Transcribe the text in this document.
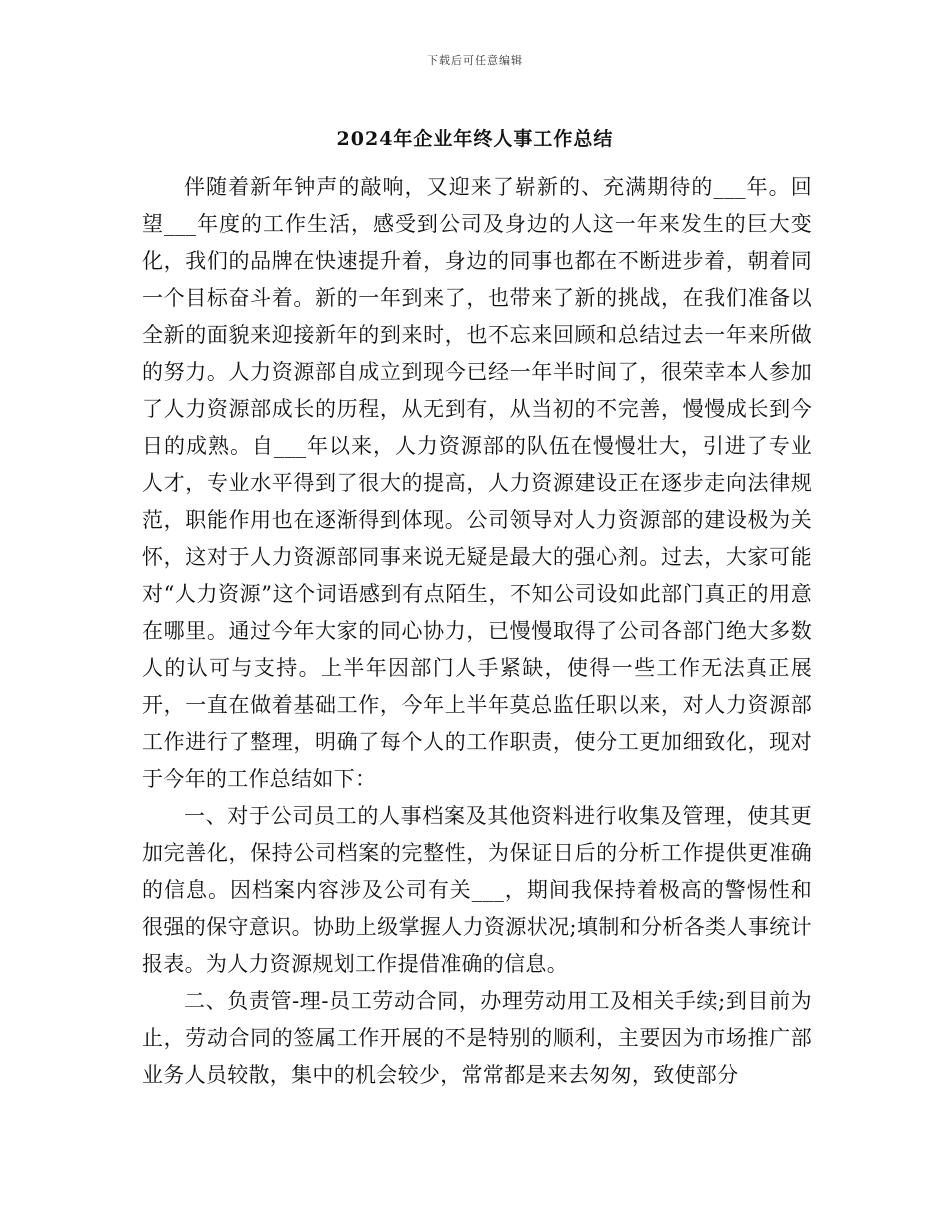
下载后可任意编辑
2024年企业年终人事工作总结

伴随着新年钟声的敲响，又迎来了崭新的、充满期待的___年。回望___年度的工作生活，感受到公司及身边的人这一年来发生的巨大变化，我们的品牌在快速提升着，身边的同事也都在不断进步着，朝着同一个目标奋斗着。新的一年到来了，也带来了新的挑战，在我们准备以全新的面貌来迎接新年的到来时，也不忘来回顾和总结过去一年来所做的努力。人力资源部自成立到现今已经一年半时间了，很荣幸本人参加了人力资源部成长的历程，从无到有，从当初的不完善，慢慢成长到今日的成熟。自___年以来，人力资源部的队伍在慢慢壮大，引进了专业人才，专业水平得到了很大的提高，人力资源建设正在逐步走向法律规范，职能作用也在逐渐得到体现。公司领导对人力资源部的建设极为关怀，这对于人力资源部同事来说无疑是最大的强心剂。过去，大家可能对“人力资源”这个词语感到有点陌生，不知公司设如此部门真正的用意在哪里。通过今年大家的同心协力，已慢慢取得了公司各部门绝大多数人的认可与支持。上半年因部门人手紧缺，使得一些工作无法真正展开，一直在做着基础工作，今年上半年莫总监任职以来，对人力资源部工作进行了整理，明确了每个人的工作职责，使分工更加细致化，现对于今年的工作总结如下：

一、对于公司员工的人事档案及其他资料进行收集及管理，使其更加完善化，保持公司档案的完整性，为保证日后的分析工作提供更准确的信息。因档案内容涉及公司有关___，期间我保持着极高的警惕性和很强的保守意识。协助上级掌握人力资源状况;填制和分析各类人事统计报表。为人力资源规划工作提借准确的信息。

二、负责管-理-员工劳动合同，办理劳动用工及相关手续;到目前为止，劳动合同的签属工作开展的不是特别的顺利，主要因为市场推广部业务人员较散，集中的机会较少，常常都是来去匆匆，致使部分
